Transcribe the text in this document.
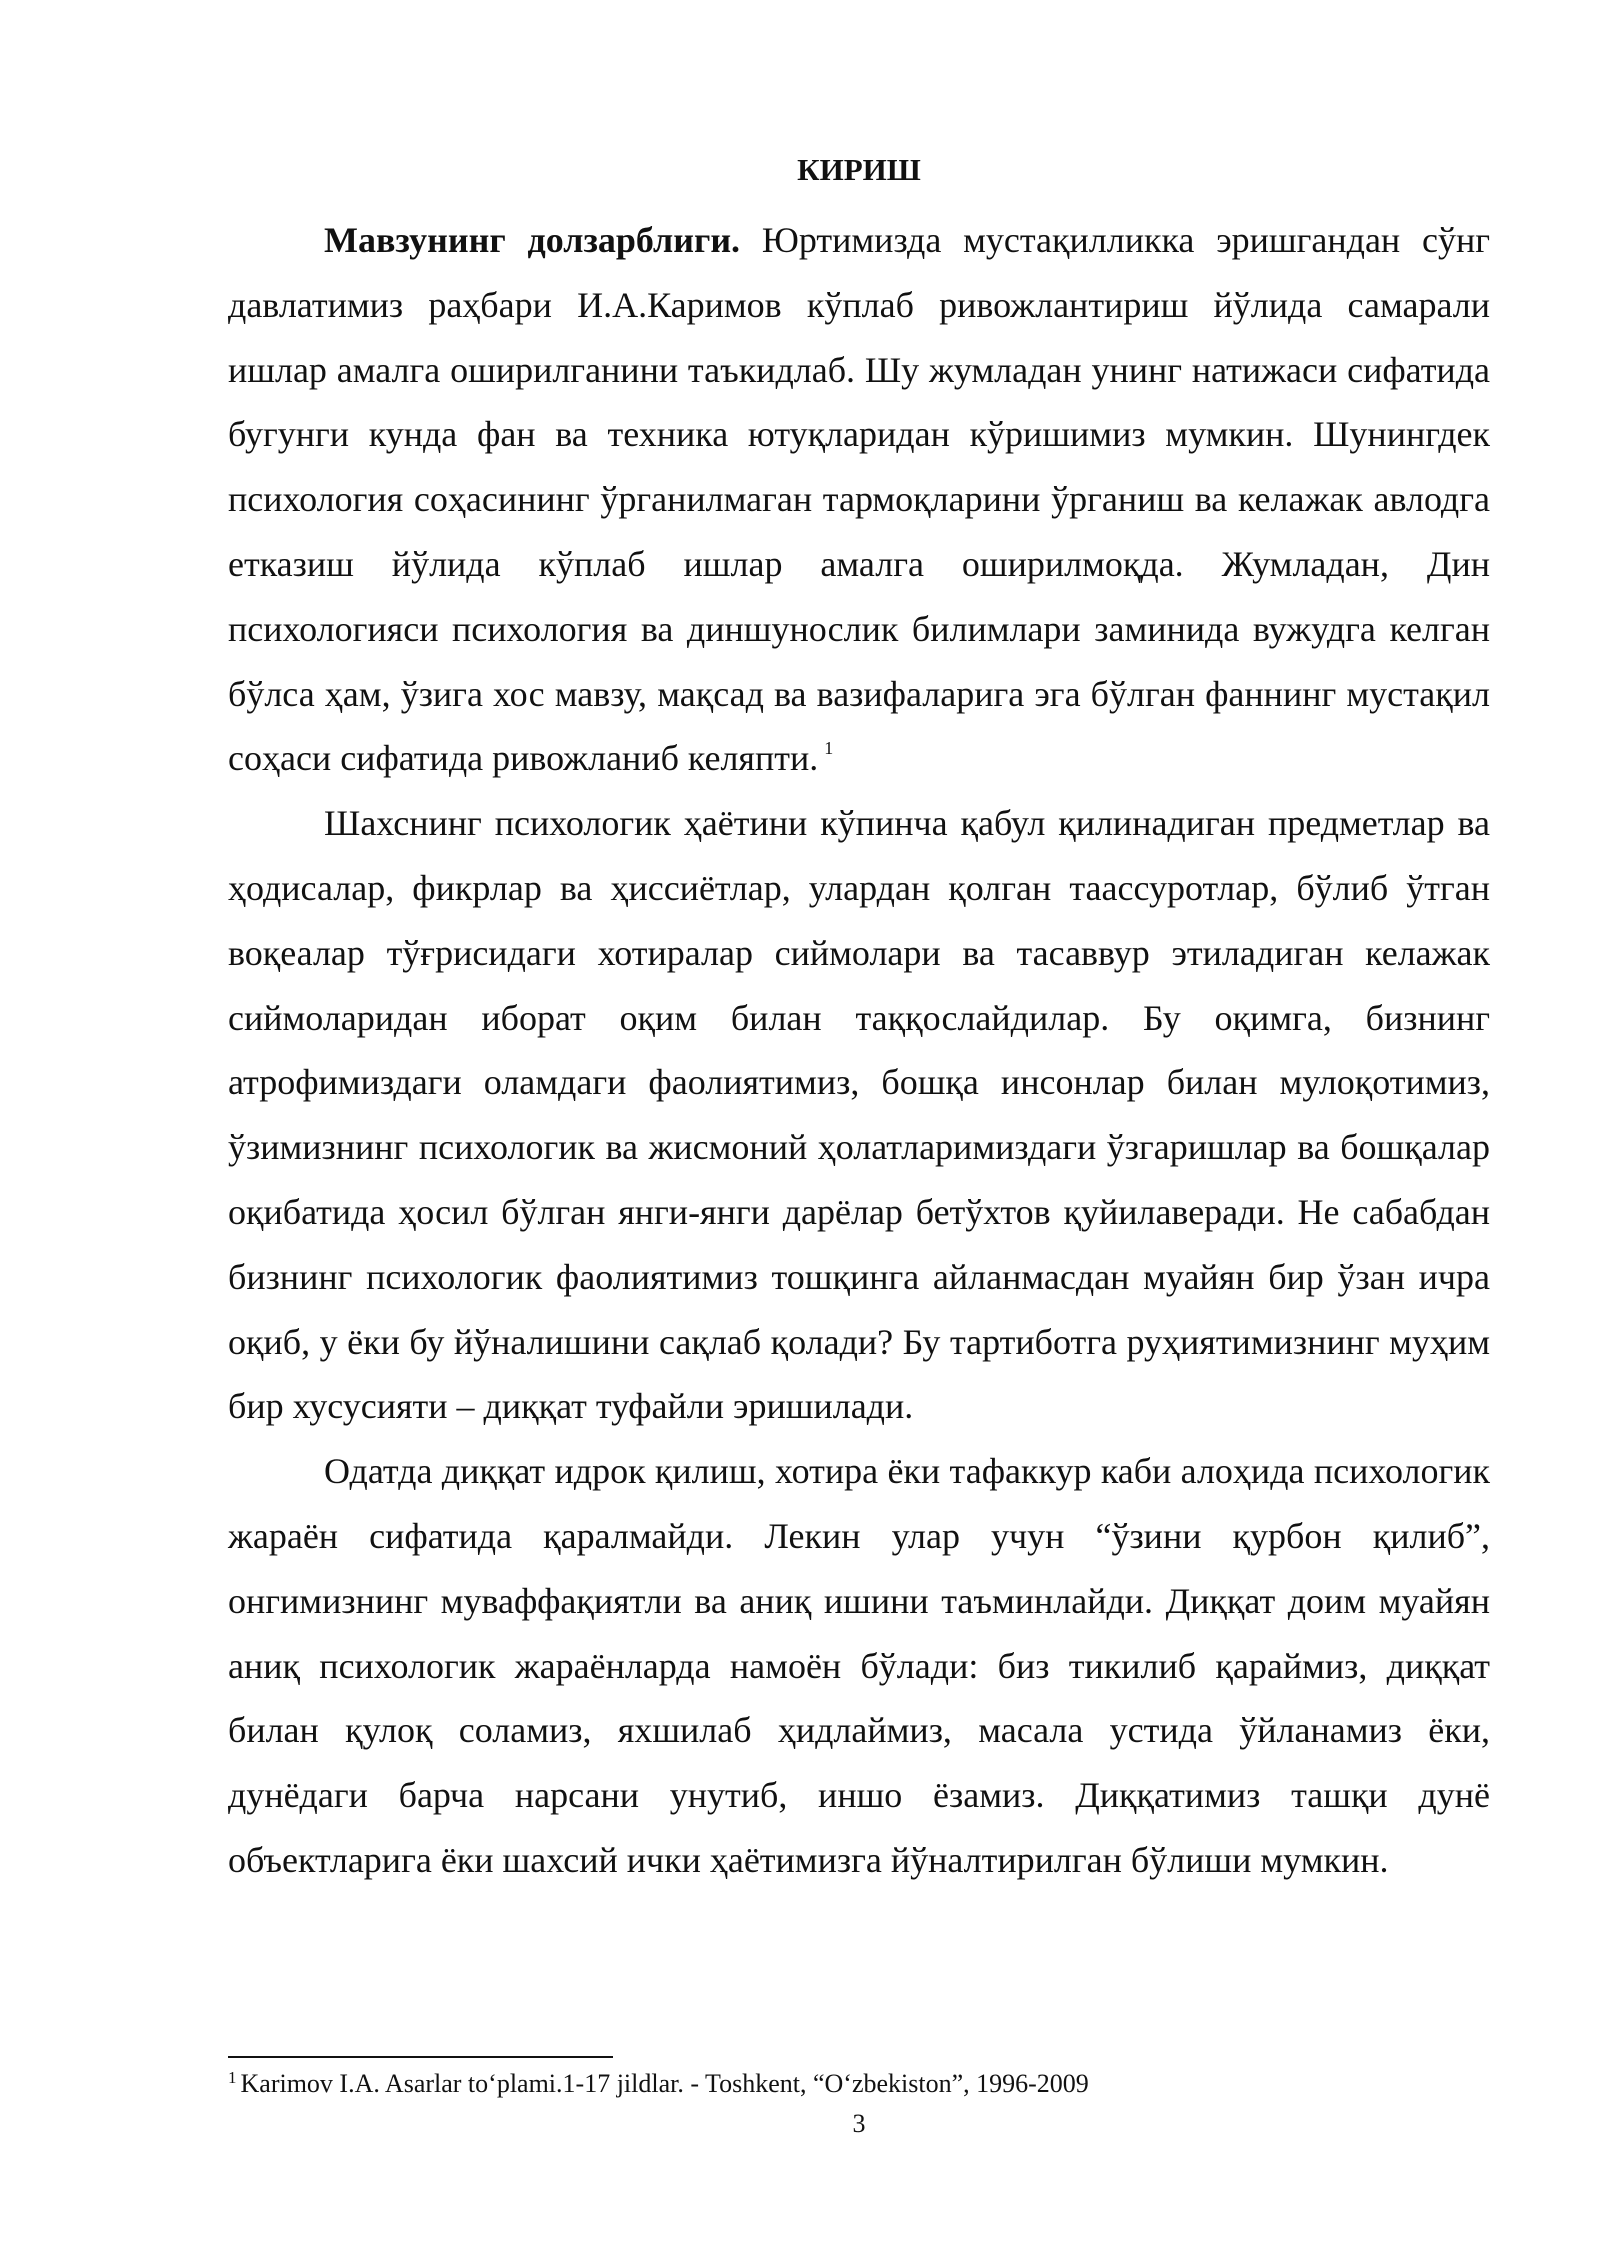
КИРИШ

Мавзунинг долзарблиги. Юртимизда мустақилликка эришгандан сўнг давлатимиз раҳбари И.А.Каримов кўплаб ривожлантириш йўлида самарали ишлар амалга оширилганини таъкидлаб. Шу жумладан унинг натижаси сифатида бугунги кунда фан ва техника ютуқларидан кўришимиз мумкин. Шунингдек психология соҳасининг ўрганилмаган тармоқларини ўрганиш ва келажак авлодга етказиш йўлида кўплаб ишлар амалга оширилмоқда. Жумладан, Дин психологияси психология ва диншунослик билимлари заминида вужудга келган бўлса ҳам, ўзига хос мавзу, мақсад ва вазифаларига эга бўлган фаннинг мустақил соҳаси сифатида ривожланиб келяпти. $^1$

Шахснинг психологик ҳаётини кўпинча қабул қилинадиган предметлар ва ҳодисалар, фикрлар ва ҳиссиётлар, улардан қолган таассуротлар, бўлиб ўтган воқеалар тўғрисидаги хотиралар сиймолари ва тасаввур этиладиган келажак сиймоларидан иборат оқим билан таққослайдилар. Бу оқимга, бизнинг атрофимиздаги оламдаги фаолиятимиз, бошқа инсонлар билан мулоқотимиз, ўзимизнинг психологик ва жисмоний ҳолатларимиздаги ўзгаришлар ва бошқалар оқибатида ҳосил бўлган янги-янги дарёлар бетўхтов қуйилаверади. Не сабабдан бизнинг психологик фаолиятимиз тошқинга айланмасдан муайян бир ўзан ичра оқиб, у ёки бу йўналишини сақлаб қолади? Бу тартиботга руҳиятимизнинг муҳим бир хусусияти – диққат туфайли эришилади.

Одатда диққат идрок қилиш, хотира ёки тафаккур каби алоҳида психологик жараён сифатида қаралмайди. Лекин улар учун “ўзини қурбон қилиб”, онгимизнинг муваффақиятли ва аниқ ишини таъминлайди. Диққат доим муайян аниқ психологик жараёнларда намоён бўлади: биз тикилиб қараймиз, диққат билан қулоқ соламиз, яхшилаб ҳидлаймиз, масала устида ўйланамиз ёки, дунёдаги барча нарсани унутиб, иншо ёзамиз. Диққатимиз ташқи дунё объектларига ёки шахсий ички ҳаётимизга йўналтирилган бўлиши мумкин.

$^1$ Karimov I.A. Asarlar to‘plami.1-17 jildlar. - Toshkent, “O‘zbekiston”, 1996-2009

3
